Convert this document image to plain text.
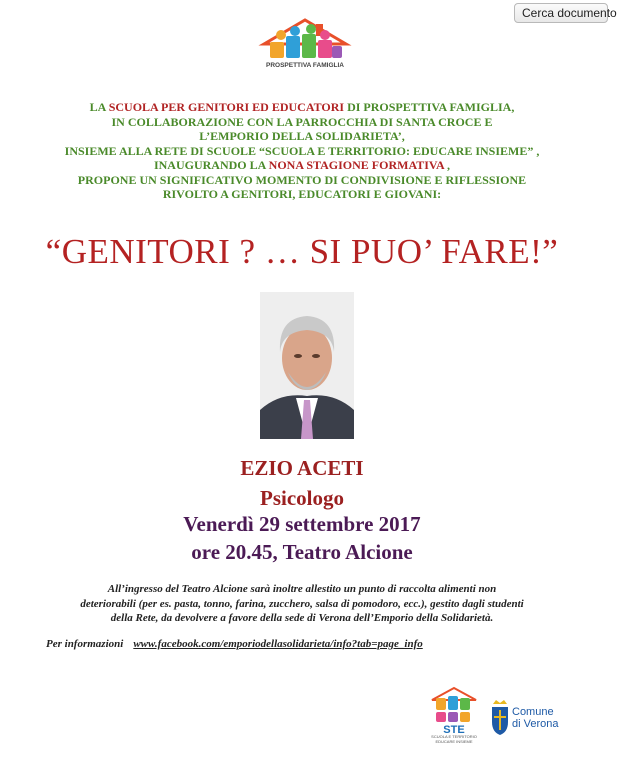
Cerca documento
PROSPETTIVA FAMIGLIA
LA SCUOLA PER GENITORI ED EDUCATORI DI PROSPETTIVA FAMIGLIA,
IN COLLABORAZIONE CON LA PARROCCHIA DI SANTA CROCE E
L’EMPORIO DELLA SOLIDARIETA’,
INSIEME ALLA RETE DI SCUOLE “SCUOLA E TERRITORIO: EDUCARE INSIEME” ,
INAUGURANDO LA NONA STAGIONE FORMATIVA ,
PROPONE UN SIGNIFICATIVO MOMENTO DI CONDIVISIONE E RIFLESSIONE
RIVOLTO A GENITORI, EDUCATORI E GIOVANI:
“GENITORI ? … SI PUO’ FARE!”
EZIO ACETI
Psicologo
Venerdì 29 settembre 2017
ore 20.45, Teatro Alcione
All’ingresso del Teatro Alcione sarà inoltre allestito un punto di raccolta alimenti non
deteriorabili (per es. pasta, tonno, farina, zucchero, salsa di pomodoro, ecc.), gestito dagli studenti
della Rete, da devolvere a favore della sede di Verona dell’Emporio della Solidarietà.
Per informazioni www.facebook.com/emporiodellasolidarieta/info?tab=page_info
STE
SCUOLA E TERRITORIO
EDUCARE INSIEME
Comune
di Verona
